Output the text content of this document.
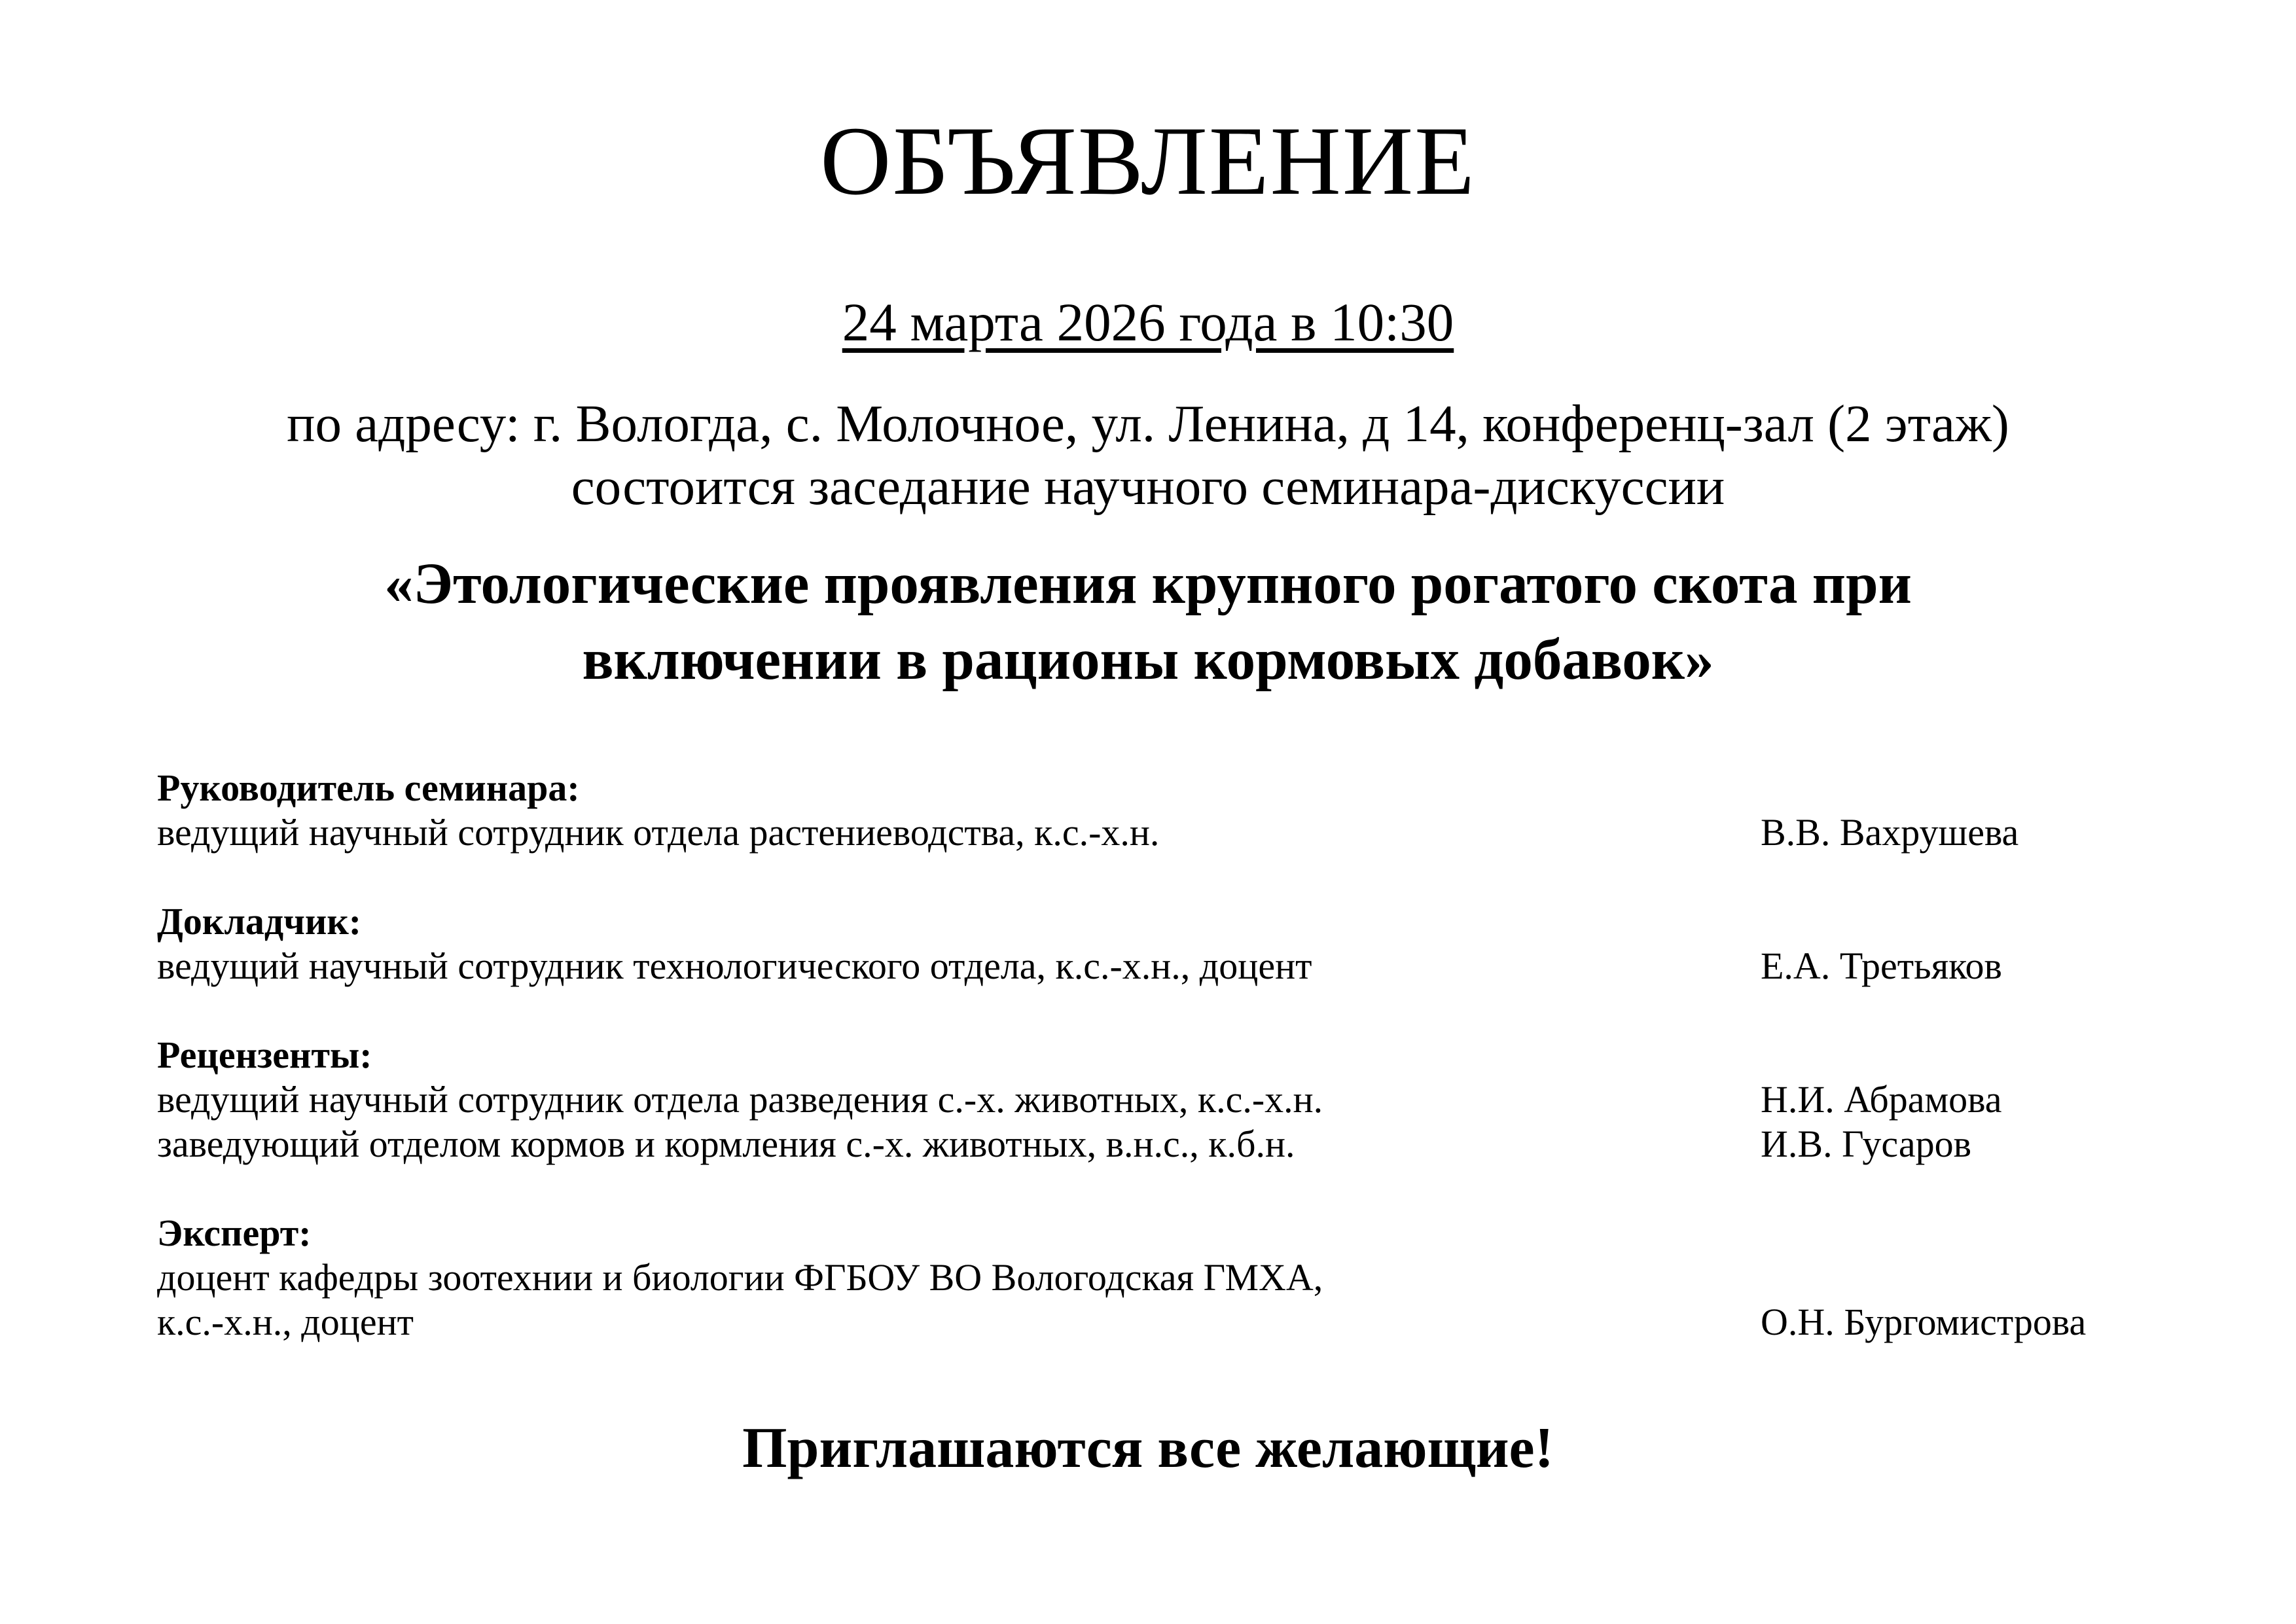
ОБЪЯВЛЕНИЕ
24 марта 2026 года в 10:30
по адресу: г. Вологда, с. Молочное, ул. Ленина, д 14, конференц-зал (2 этаж)
состоится заседание научного семинара-дискуссии
«Этологические проявления крупного рогатого скота при
включении в рационы кормовых добавок»
Руководитель семинара:
ведущий научный сотрудник отдела растениеводства, к.с.-х.н.	В.В. Вахрушева
Докладчик:
ведущий научный сотрудник технологического отдела, к.с.-х.н., доцент	Е.А. Третьяков
Рецензенты:
ведущий научный сотрудник отдела разведения с.-х. животных, к.с.-х.н.	Н.И. Абрамова
заведующий отделом кормов и кормления с.-х. животных, в.н.с., к.б.н.	И.В. Гусаров
Эксперт:
доцент кафедры зоотехнии и биологии ФГБОУ ВО Вологодская ГМХА,
к.с.-х.н., доцент	О.Н. Бургомистрова
Приглашаются все желающие!
